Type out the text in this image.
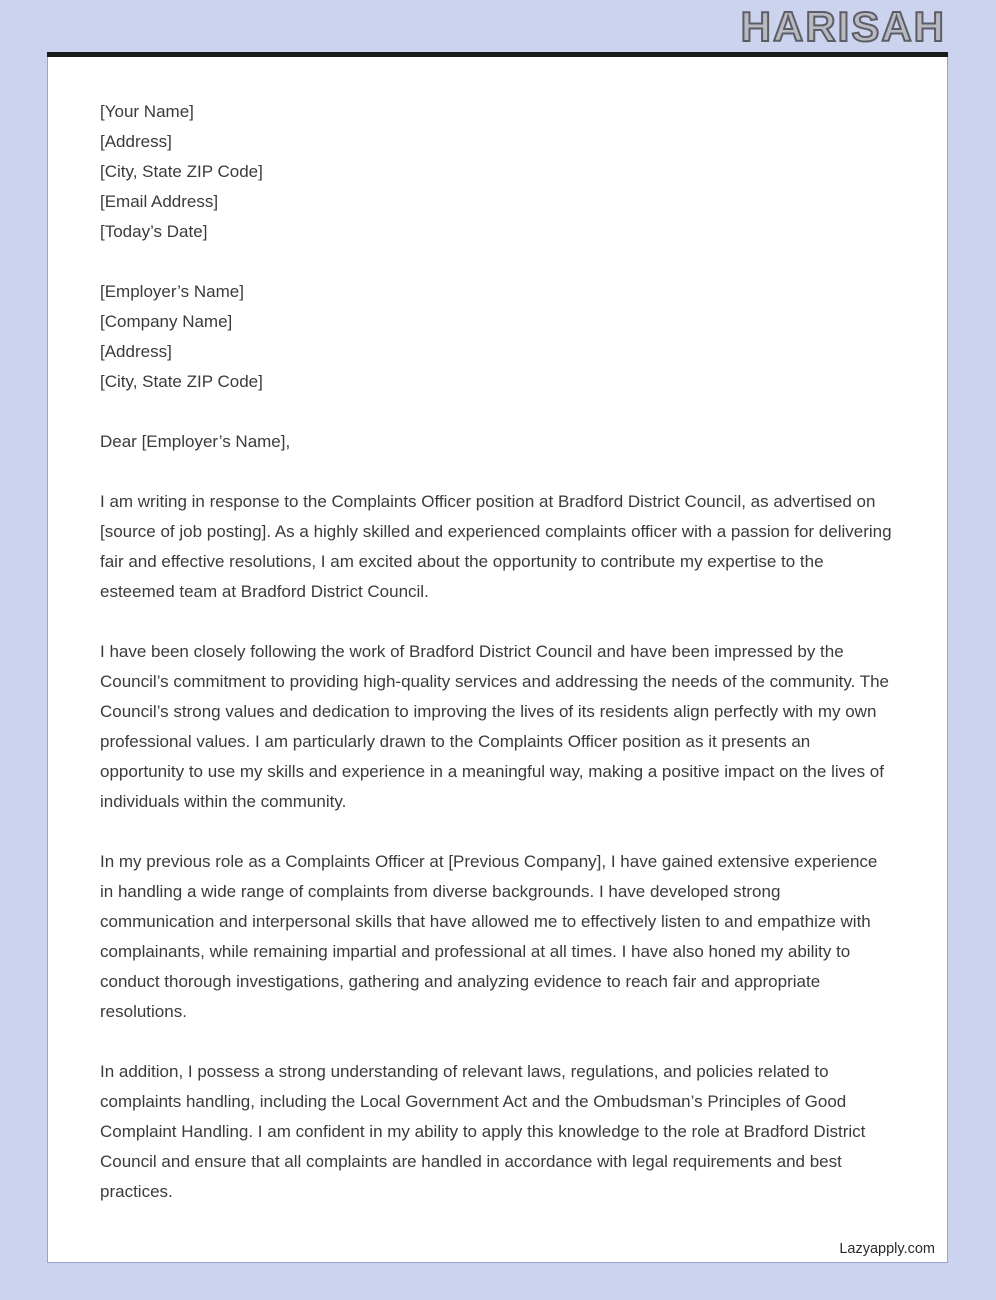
HARISAH
[Your Name]
[Address]
[City, State ZIP Code]
[Email Address]
[Today’s Date]
[Employer’s Name]
[Company Name]
[Address]
[City, State ZIP Code]
Dear [Employer’s Name],

I am writing in response to the Complaints Officer position at Bradford District Council, as advertised on [source of job posting]. As a highly skilled and experienced complaints officer with a passion for delivering fair and effective resolutions, I am excited about the opportunity to contribute my expertise to the esteemed team at Bradford District Council.

I have been closely following the work of Bradford District Council and have been impressed by the Council’s commitment to providing high-quality services and addressing the needs of the community. The Council’s strong values and dedication to improving the lives of its residents align perfectly with my own professional values. I am particularly drawn to the Complaints Officer position as it presents an opportunity to use my skills and experience in a meaningful way, making a positive impact on the lives of individuals within the community.

In my previous role as a Complaints Officer at [Previous Company], I have gained extensive experience in handling a wide range of complaints from diverse backgrounds. I have developed strong communication and interpersonal skills that have allowed me to effectively listen to and empathize with complainants, while remaining impartial and professional at all times. I have also honed my ability to conduct thorough investigations, gathering and analyzing evidence to reach fair and appropriate resolutions.

In addition, I possess a strong understanding of relevant laws, regulations, and policies related to complaints handling, including the Local Government Act and the Ombudsman’s Principles of Good Complaint Handling. I am confident in my ability to apply this knowledge to the role at Bradford District Council and ensure that all complaints are handled in accordance with legal requirements and best practices.

Lazyapply.com
